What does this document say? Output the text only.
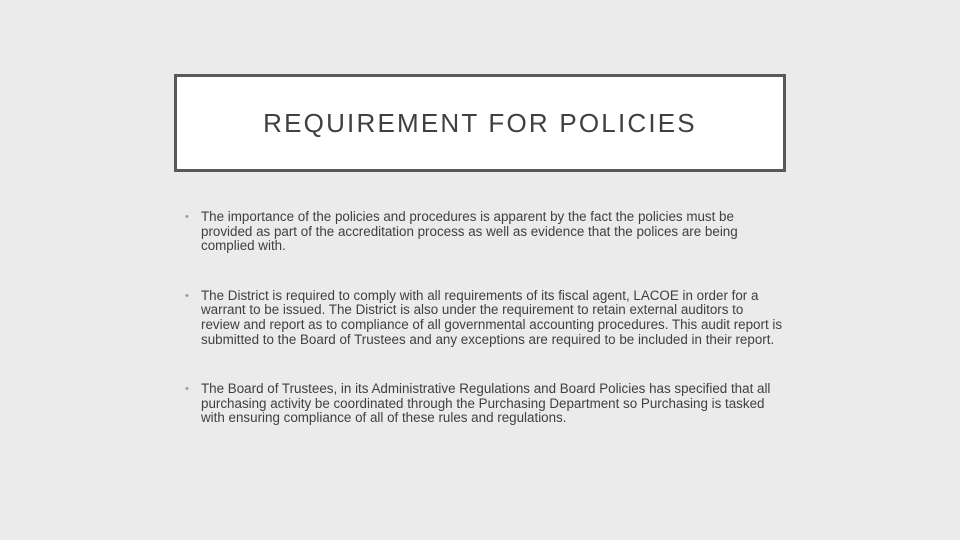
REQUIREMENT FOR POLICIES
• The importance of the policies and procedures is apparent by the fact the policies must be provided as part of the accreditation process as well as evidence that the polices are being complied with.
• The District is required to comply with all requirements of its fiscal agent, LACOE in order for a warrant to be issued. The District is also under the requirement to retain external auditors to review and report as to compliance of all governmental accounting procedures. This audit report is submitted to the Board of Trustees and any exceptions are required to be included in their report.
• The Board of Trustees, in its Administrative Regulations and Board Policies has specified that all purchasing activity be coordinated through the Purchasing Department so Purchasing is tasked with ensuring compliance of all of these rules and regulations.
